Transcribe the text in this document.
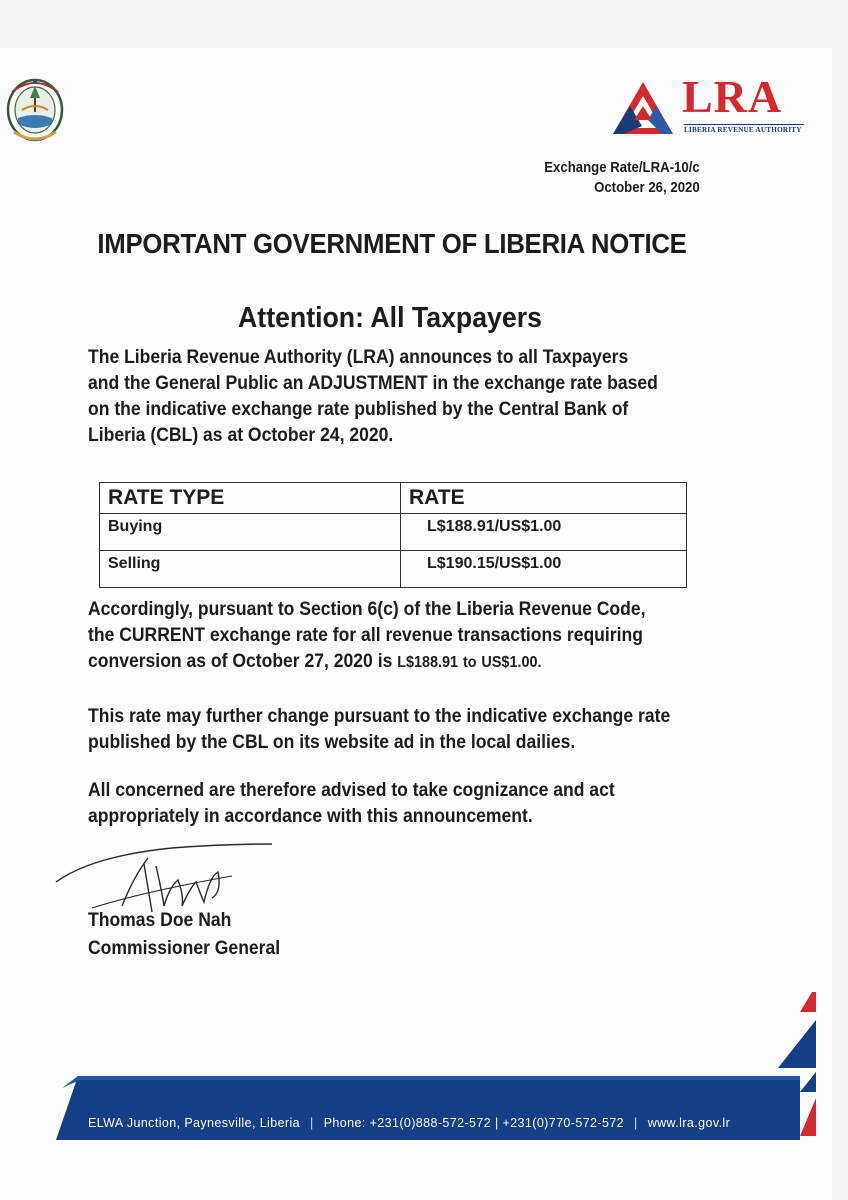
LRA
LIBERIA REVENUE AUTHORITY
Exchange Rate/LRA-10/c
October 26, 2020
IMPORTANT GOVERNMENT OF LIBERIA NOTICE
Attention: All Taxpayers
The Liberia Revenue Authority (LRA) announces to all Taxpayers
and the General Public an ADJUSTMENT in the exchange rate based
on the indicative exchange rate published by the Central Bank of
Liberia (CBL) as at October 24, 2020.
RATE TYPE	RATE
Buying	L$188.91/US$1.00
Selling	L$190.15/US$1.00
Accordingly, pursuant to Section 6(c) of the Liberia Revenue Code,
the CURRENT exchange rate for all revenue transactions requiring
conversion as of October 27, 2020 is L$188.91 to US$1.00.
This rate may further change pursuant to the indicative exchange rate
published by the CBL on its website ad in the local dailies.
All concerned are therefore advised to take cognizance and act
appropriately in accordance with this announcement.
Thomas Doe Nah
Commissioner General
ELWA Junction, Paynesville, Liberia | Phone: +231(0)888-572-572 | +231(0)770-572-572 | www.lra.gov.lr
